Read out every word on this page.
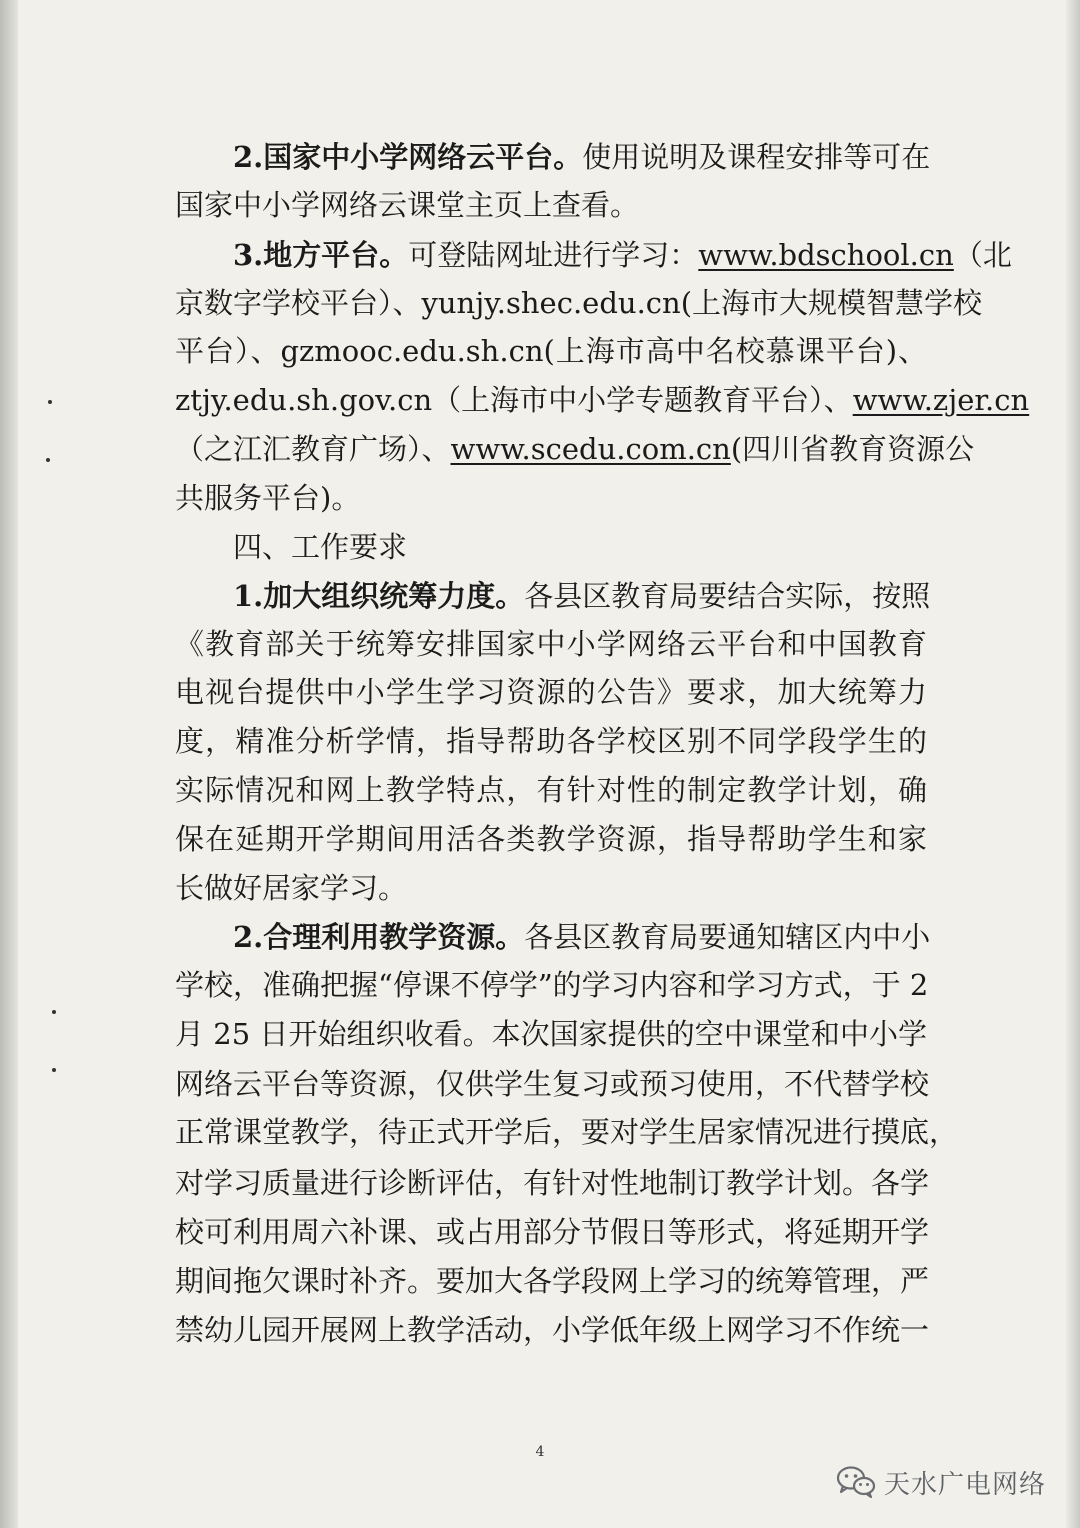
2.国家中小学网络云平台。使用说明及课程安排等可在
国家中小学网络云课堂主页上查看。
3.地方平台。可登陆网址进行学习：www.bdschool.cn（北
京数字学校平台）、yunjy.shec.edu.cn(上海市大规模智慧学校
平台）、gzmooc.edu.sh.cn(上海市高中名校慕课平台)、
ztjy.edu.sh.gov.cn（上海市中小学专题教育平台）、www.zjer.cn
（之江汇教育广场）、www.scedu.com.cn(四川省教育资源公
共服务平台)。
四、工作要求
1.加大组织统筹力度。各县区教育局要结合实际，按照
《教育部关于统筹安排国家中小学网络云平台和中国教育
电视台提供中小学生学习资源的公告》要求，加大统筹力
度，精准分析学情，指导帮助各学校区别不同学段学生的
实际情况和网上教学特点，有针对性的制定教学计划，确
保在延期开学期间用活各类教学资源，指导帮助学生和家
长做好居家学习。
2.合理利用教学资源。各县区教育局要通知辖区内中小
学校，准确把握“停课不停学”的学习内容和学习方式，于 2
月 25 日开始组织收看。本次国家提供的空中课堂和中小学
网络云平台等资源，仅供学生复习或预习使用，不代替学校
正常课堂教学，待正式开学后，要对学生居家情况进行摸底，
对学习质量进行诊断评估，有针对性地制订教学计划。各学
校可利用周六补课、或占用部分节假日等形式，将延期开学
期间拖欠课时补齐。要加大各学段网上学习的统筹管理，严
禁幼儿园开展网上教学活动，小学低年级上网学习不作统一
4
天水广电网络
